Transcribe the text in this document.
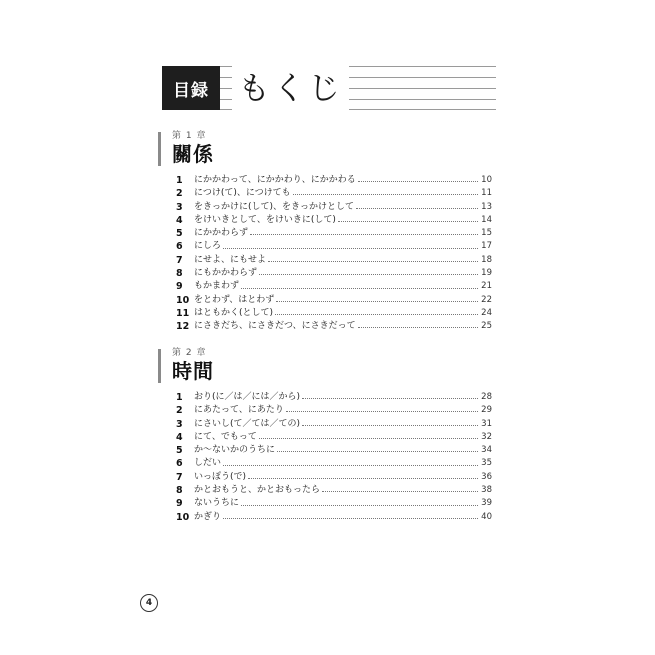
目録 もくじ
第 1 章
關係
1	にかかわって、にかかわり、にかかわる	10
2	につけ(て)、につけても	11
3	をきっかけに(して)、をきっかけとして	13
4	をけいきとして、をけいきに(して)	14
5	にかかわらず	15
6	にしろ	17
7	にせよ、にもせよ	18
8	にもかかわらず	19
9	もかまわず	21
10 をとわず、はとわず	22
11 はともかく(として)	24
12 にさきだち、にさきだつ、にさきだって	25
第 2 章
時間
1	おり(に／は／には／から)	28
2	にあたって、にあたり	29
3	にさいし(て／ては／ての)	31
4	にて、でもって	32
5	か～ないかのうちに	34
6	しだい	35
7	いっぽう(で)	36
8	かとおもうと、かとおもったら	38
9	ないうちに	39
10 かぎり	40
4
